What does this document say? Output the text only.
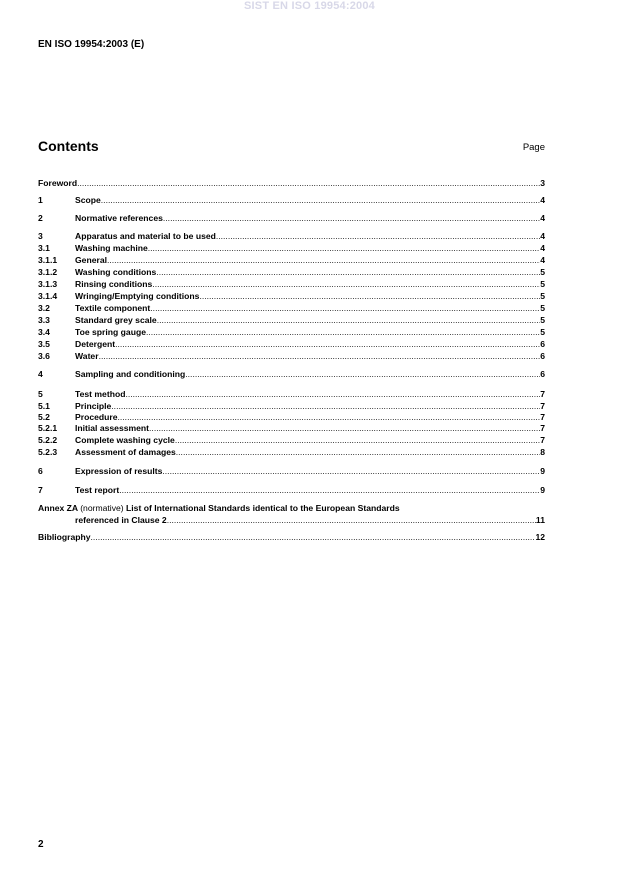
SIST EN ISO 19954:2004
EN ISO 19954:2003 (E)
Contents	Page
Foreword .....	3
1	Scope .....	4
2	Normative references .....	4
3	Apparatus and material to be used .....	4
3.1	Washing machine .....	4
3.1.1	General .....	4
3.1.2	Washing conditions .....	5
3.1.3	Rinsing conditions .....	5
3.1.4	Wringing/Emptying conditions .....	5
3.2	Textile component .....	5
3.3	Standard grey scale .....	5
3.4	Toe spring gauge .....	5
3.5	Detergent .....	6
3.6	Water .....	6
4	Sampling and conditioning .....	6
5	Test method .....	7
5.1	Principle .....	7
5.2	Procedure .....	7
5.2.1	Initial assessment .....	7
5.2.2	Complete washing cycle .....	7
5.2.3	Assessment of damages .....	8
6	Expression of results .....	9
7	Test report .....	9
Annex ZA (normative) List of International Standards identical to the European Standards
referenced in Clause 2 .....	11
Bibliography .....	12
2
